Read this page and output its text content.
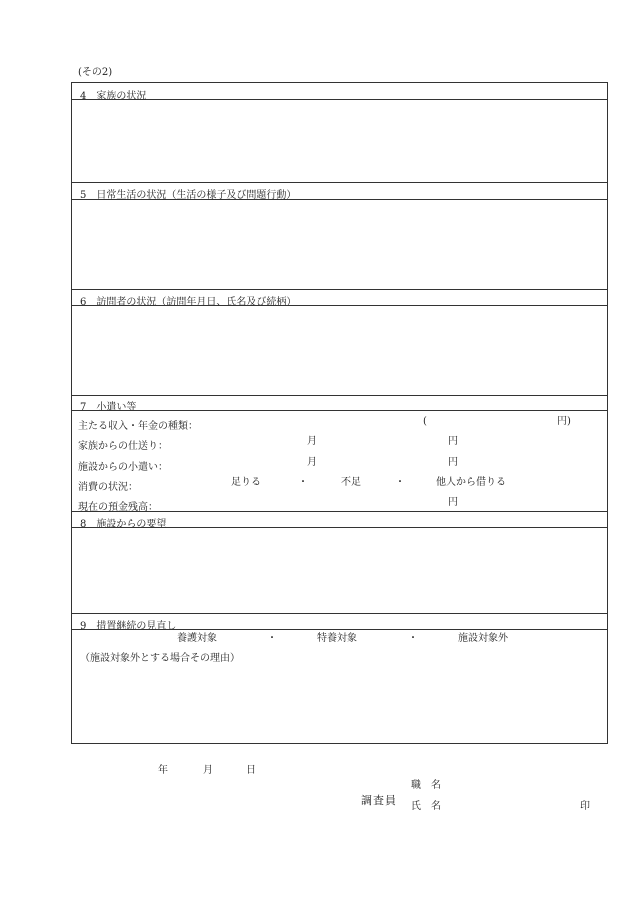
(その2)
4　家族の状況
5　日常生活の状況（生活の様子及び問題行動）
6　訪問者の状況（訪問年月日、氏名及び続柄）
7　小遣い等
主たる収入・年金の種類：	(	円)
家族からの仕送り：	月	円
施設からの小遣い：	月	円
消費の状況：	足りる	・	不足	・	他人から借りる
現在の預金残高：	円
8　施設からの要望
9　措置継続の見直し
養護対象	・	特養対象	・	施設対象外
（施設対象外とする場合その理由）
年	月	日
調査員
職　名
氏　名	印
